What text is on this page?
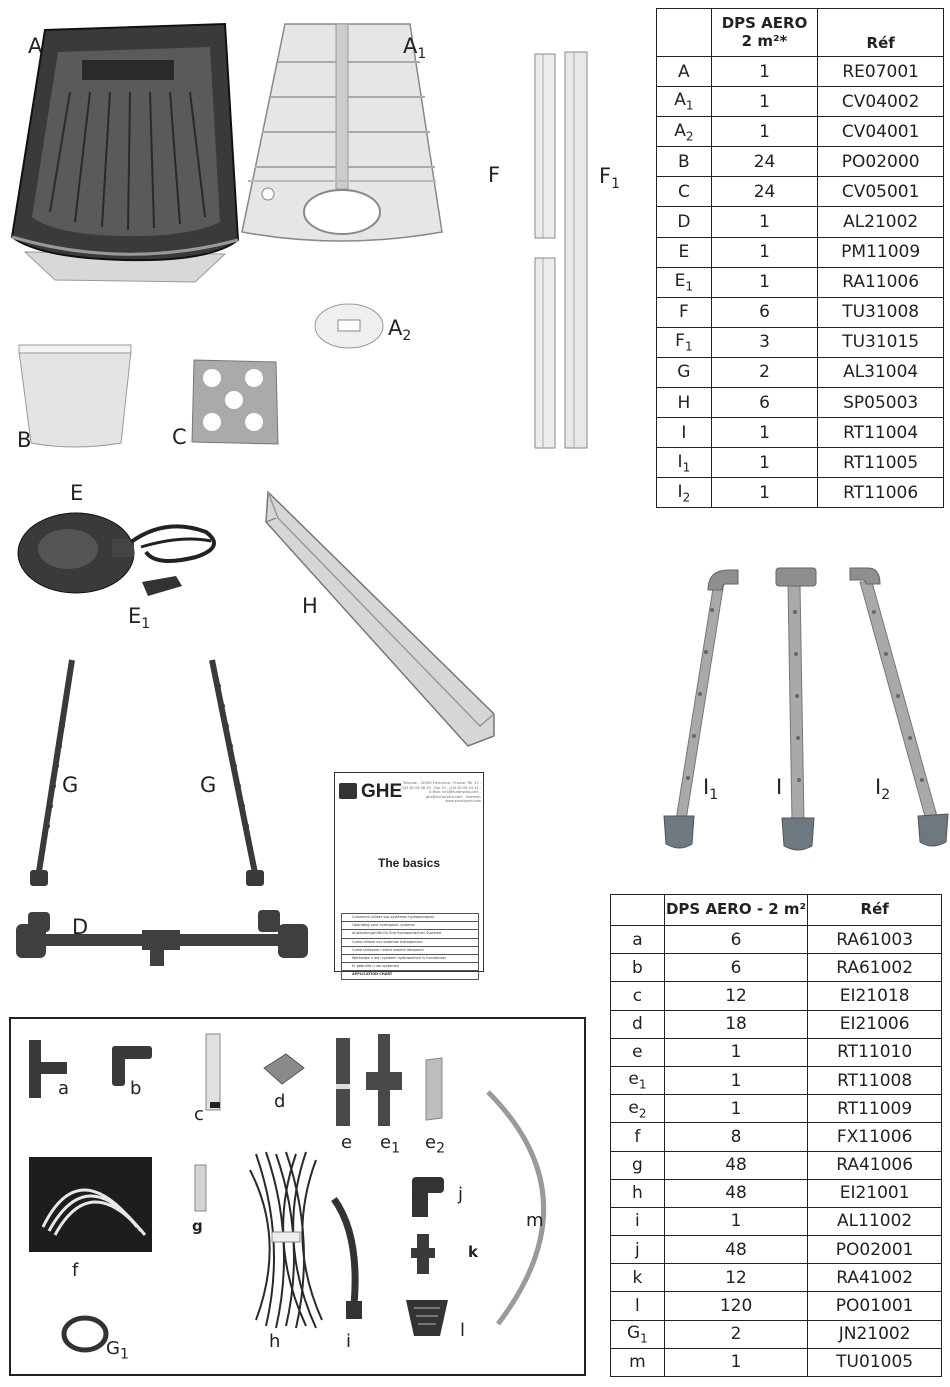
A	$A_1$
$A_2$
B	C
F	$F_1$
E
$E_1$
H
G	G
D
GHE Brioude - 32500 Fleurance - France. Tel. 33 - (0)5 62 06 08 30 - Fax 33 - (0)5 62 06 54 34 - E-Mail: info@eurohydro.com - ghe@eurohydro.com - Internet: www.eurohydro.com
The basics
Comment utiliser vos systèmes hydroponiques
Operating your hydroponic systems
Anwendungshilfe für Ihre hydroponischen Systeme
Como utilizar sus sistemas hidroponicos
Come utilizzare i vostri sistemi idroponici
Werkwijze u een systeem hydroponisch is functioneel
Er gebruikt u uw systemen
APPLICATION CHART
$I_1$	I	$I_2$
	DPS AERO
2 m²*	Réf
A	1	RE07001
$A_1$	1	CV04002
$A_2$	1	CV04001
B	24	PO02000
C	24	CV05001
D	1	AL21002
E	1	PM11009
$E_1$	1	RA11006
F	6	TU31008
$F_1$	3	TU31015
G	2	AL31004
H	6	SP05003
I	1	RT11004
$I_1$	1	RT11005
$I_2$	1	RT11006
	DPS AERO - 2 m²	Réf
a	6	RA61003
b	6	RA61002
c	12	EI21018
d	18	EI21006
e	1	RT11010
$e_1$	1	RT11008
$e_2$	1	RT11009
f	8	FX11006
g	48	RA41006
h	48	EI21001
i	1	AL11002
j	48	PO02001
k	12	RA41002
l	120	PO01001
$G_1$	2	JN21002
m	1	TU01005
a	b
c
d
e $e_1$ $e_2$
m
f
g
h	i
j
k
l
$G_1$
